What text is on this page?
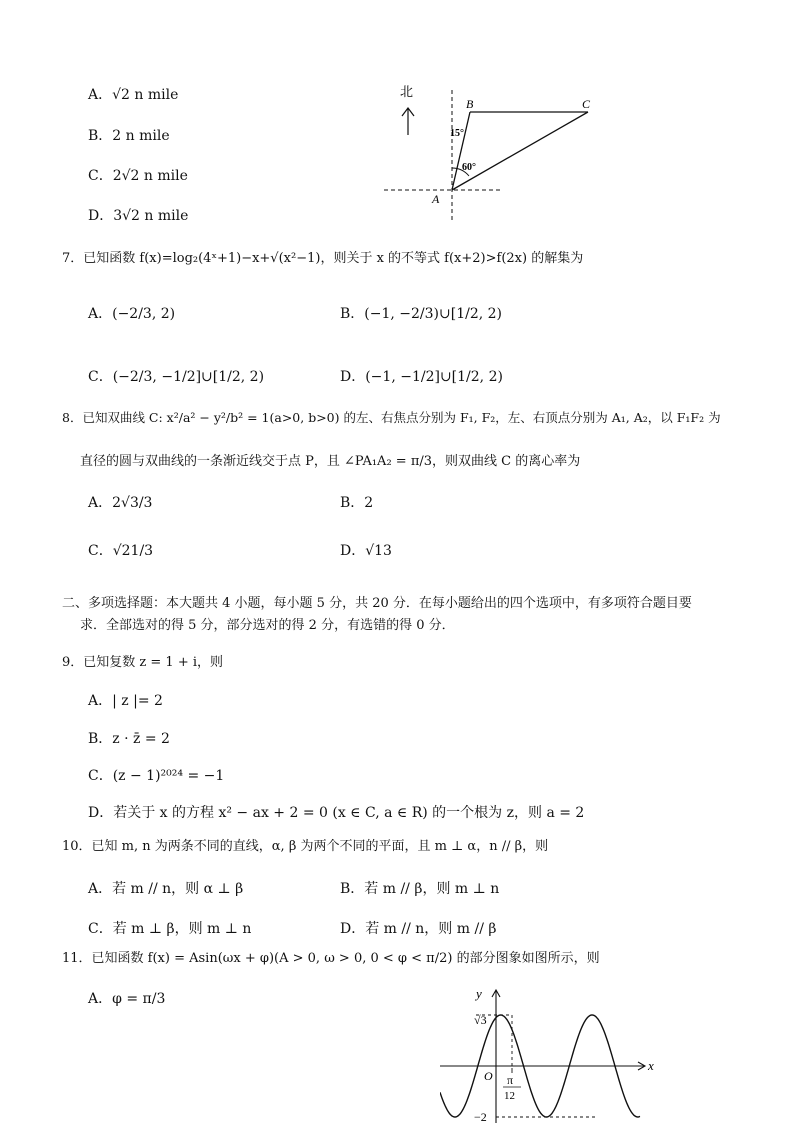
A．√2 n mile
B．2 n mile
C．2√2 n mile
D．3√2 n mile
北
A
B	C
15°
60°
7．已知函数 f(x)=log₂(4ˣ+1)−x+√(x²−1)，则关于 x 的不等式 f(x+2)>f(2x) 的解集为
A．(−2/3, 2)	B．(−1, −2/3)∪[1/2, 2)
C．(−2/3, −1/2]∪[1/2, 2)	D．(−1, −1/2]∪[1/2, 2)
8．已知双曲线 C: x²/a² − y²/b² = 1(a>0, b>0) 的左、右焦点分别为 F₁, F₂，左、右顶点分别为 A₁, A₂，以 F₁F₂ 为
直径的圆与双曲线的一条渐近线交于点 P，且 ∠PA₁A₂ = π/3，则双曲线 C 的离心率为
A．2√3/3	B．2
C．√21/3	D．√13
二、多项选择题：本大题共 4 小题，每小题 5 分，共 20 分．在每小题给出的四个选项中，有多项符合题目要
求．全部选对的得 5 分，部分选对的得 2 分，有选错的得 0 分．
9．已知复数 z = 1 + i，则
A．| z |= 2
B．z · z̄ = 2
C．(z − 1)²⁰²⁴ = −1
D．若关于 x 的方程 x² − ax + 2 = 0 (x ∈ C, a ∈ R) 的一个根为 z，则 a = 2
10．已知 m, n 为两条不同的直线，α, β 为两个不同的平面，且 m ⊥ α，n // β，则
A．若 m // n，则 α ⊥ β	B．若 m // β，则 m ⊥ n
C．若 m ⊥ β，则 m ⊥ n	D．若 m // n，则 m // β
11．已知函数 f(x) = Asin(ωx + φ)(A > 0, ω > 0, 0 < φ < π/2) 的部分图象如图所示，则
A．φ = π/3	y
x
O
√3
π
12
−2
